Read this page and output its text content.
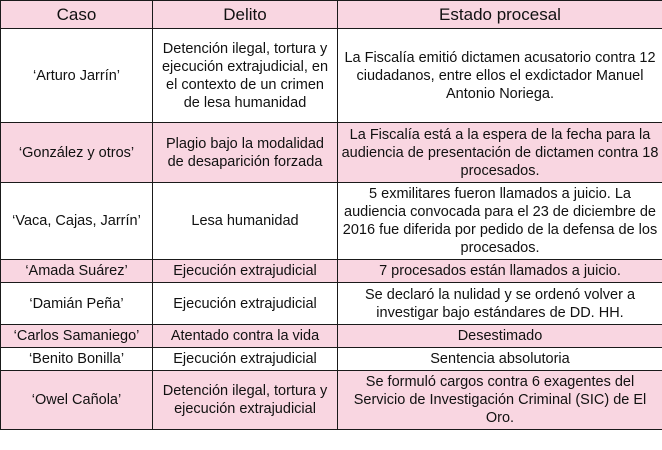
Caso	Delito	Estado procesal
‘Arturo Jarrín’	Detención ilegal, tortura y ejecución extrajudicial, en el contexto de un crimen de lesa humanidad	La Fiscalía emitió dictamen acusatorio contra 12 ciudadanos, entre ellos el exdictador Manuel Antonio Noriega.
‘González y otros’	Plagio bajo la modalidad de desaparición forzada	La Fiscalía está a la espera de la fecha para la audiencia de presentación de dictamen contra 18 procesados.
‘Vaca, Cajas, Jarrín’	Lesa humanidad	5 exmilitares fueron llamados a juicio. La audiencia convocada para el 23 de diciembre de 2016 fue diferida por pedido de la defensa de los procesados.
‘Amada Suárez’	Ejecución extrajudicial	7 procesados están llamados a juicio.
‘Damián Peña’	Ejecución extrajudicial	Se declaró la nulidad y se ordenó volver a investigar bajo estándares de DD. HH.
‘Carlos Samaniego’	Atentado contra la vida	Desestimado
‘Benito Bonilla’	Ejecución extrajudicial	Sentencia absolutoria
‘Owel Cañola’	Detención ilegal, tortura y ejecución extrajudicial	Se formuló cargos contra 6 exagentes del Servicio de Investigación Criminal (SIC) de El Oro.
